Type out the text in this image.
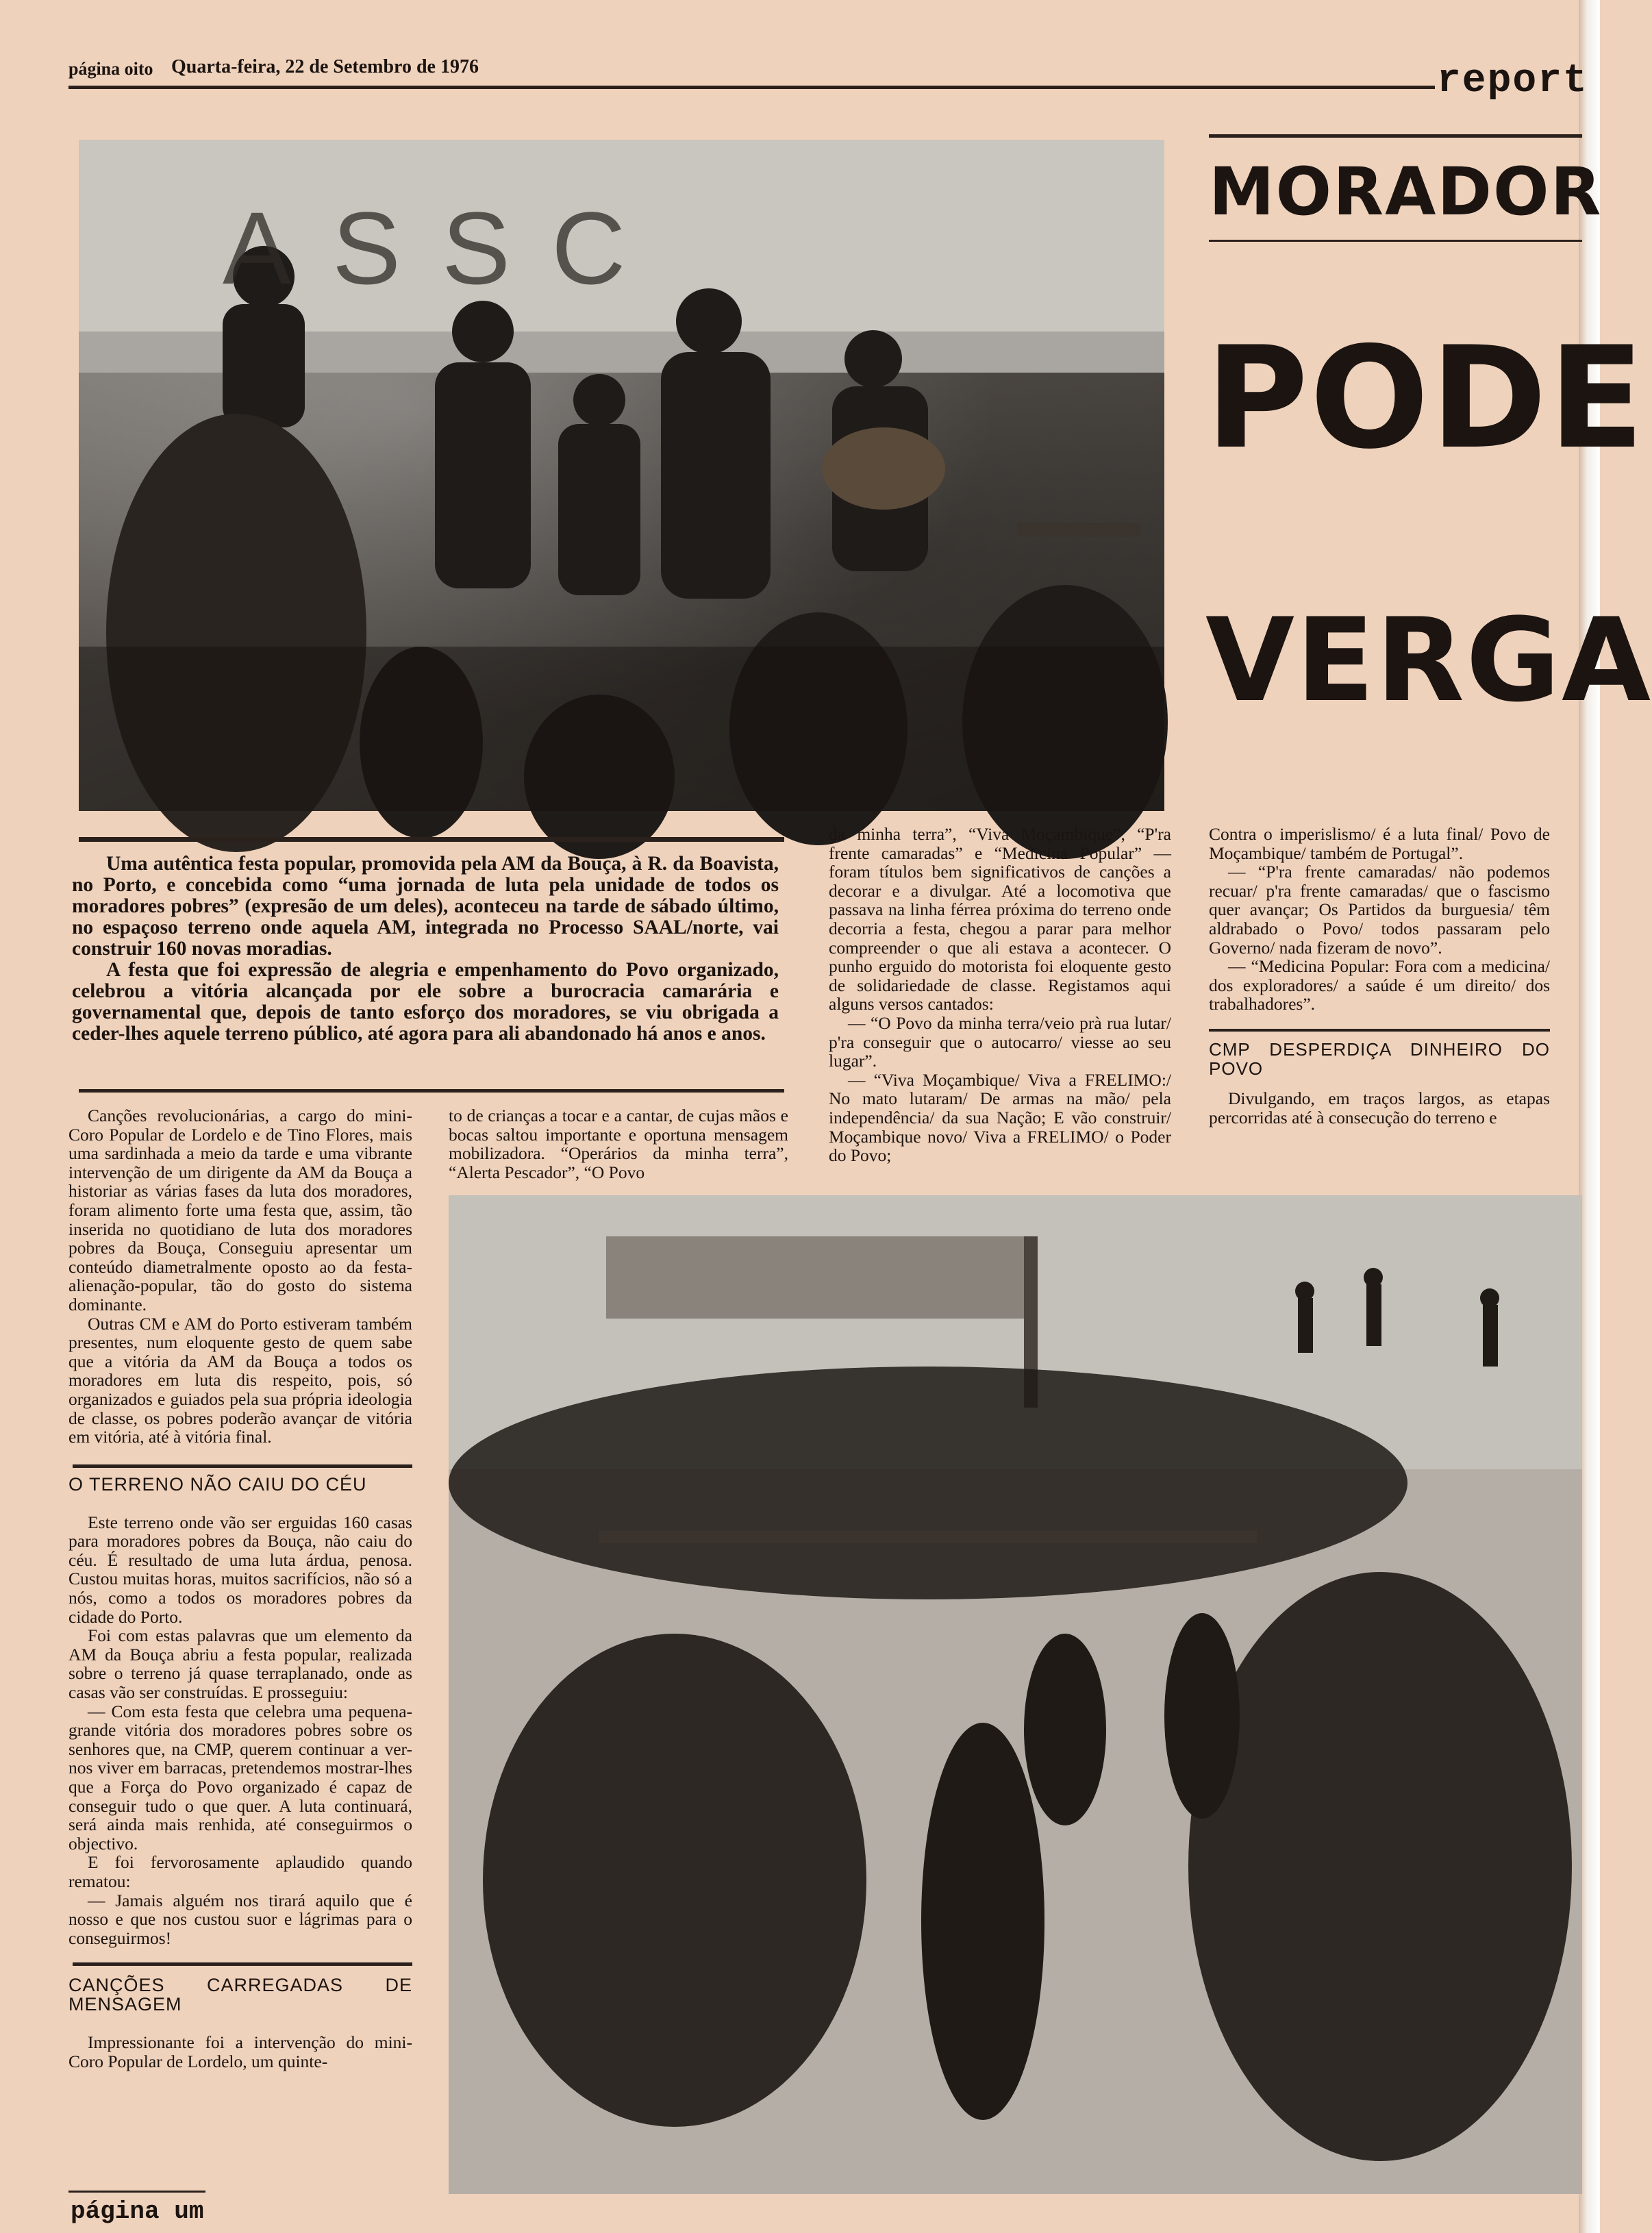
página oito Quarta-feira, 22 de Setembro de 1976	report
MORADOR
PODE
VERGA
ASSC

Uma autêntica festa popular, promovida pela AM da Bouça, à R. da Boavista, no Porto, e concebida como “uma jornada de luta pela unidade de todos os moradores pobres” (expresão de um deles), aconteceu na tarde de sábado último, no espaçoso terreno onde aquela AM, integrada no Processo SAAL/norte, vai construir 160 novas moradias.

A festa que foi expressão de alegria e empenhamento do Povo organizado, celebrou a vitória alcançada por ele sobre a burocracia camarária e governamental que, depois de tanto esforço dos moradores, se viu obrigada a ceder-lhes aquele terreno público, até agora para ali abandonado há anos e anos.

Canções revolucionárias, a cargo do mini-Coro Popular de Lordelo e de Tino Flores, mais uma sardinhada a meio da tarde e uma vibrante intervenção de um dirigente da AM da Bouça a historiar as várias fases da luta dos moradores, foram alimento forte uma festa que, assim, tão inserida no quotidiano de luta dos moradores pobres da Bouça, Conseguiu apresentar um conteúdo diametralmente oposto ao da festa-alienação-popular, tão do gosto do sistema dominante.

Outras CM e AM do Porto estiveram também presentes, num eloquente gesto de quem sabe que a vitória da AM da Bouça a todos os moradores em luta dis respeito, pois, só organizados e guiados pela sua própria ideologia de classe, os pobres poderão avançar de vitória em vitória, até à vitória final.

O TERRENO NÃO CAIU DO CÉU

Este terreno onde vão ser erguidas 160 casas para moradores pobres da Bouça, não caiu do céu. É resultado de uma luta árdua, penosa. Custou muitas horas, muitos sacrifícios, não só a nós, como a todos os moradores pobres da cidade do Porto.

Foi com estas palavras que um elemento da AM da Bouça abriu a festa popular, realizada sobre o terreno já quase terraplanado, onde as casas vão ser construídas. E prosseguiu:

— Com esta festa que celebra uma pequena-grande vitória dos moradores pobres sobre os senhores que, na CMP, querem continuar a ver-nos viver em barracas, pretendemos mostrar-lhes que a Força do Povo organizado é capaz de conseguir tudo o que quer. A luta continuará, será ainda mais renhida, até conseguirmos o objectivo.

E foi fervorosamente aplaudido quando rematou:

— Jamais alguém nos tirará aquilo que é nosso e que nos custou suor e lágrimas para o conseguirmos!

CANÇÕES CARREGADAS DE MENSAGEM

Impressionante foi a intervenção do mini-Coro Popular de Lordelo, um quinte-

to de crianças a tocar e a cantar, de cujas mãos e bocas saltou importante e oportuna mensagem mobilizadora. “Operários da minha terra”, “Alerta Pescador”, “O Povo

da minha terra”, “Viva Moçambique”, “P'ra frente camaradas” e “Medicina Popular” — foram títulos bem significativos de canções a decorar e a divulgar. Até a locomotiva que passava na linha férrea próxima do terreno onde decorria a festa, chegou a parar para melhor compreender o que ali estava a acontecer. O punho erguido do motorista foi eloquente gesto de solidariedade de classe. Registamos aqui alguns versos cantados:

— “O Povo da minha terra/veio prà rua lutar/ p'ra conseguir que o autocarro/ viesse ao seu lugar”.

— “Viva Moçambique/ Viva a FRELIMO:/ No mato lutaram/ De armas na mão/ pela independência/ da sua Nação; E vão construir/ Moçambique novo/ Viva a FRELIMO/ o Poder do Povo;

Contra o imperislismo/ é a luta final/ Povo de Moçambique/ também de Portugal”.

— “P'ra frente camaradas/ não podemos recuar/ p'ra frente camaradas/ que o fascismo quer avançar; Os Partidos da burguesia/ têm aldrabado o Povo/ todos passaram pelo Governo/ nada fizeram de novo”.

— “Medicina Popular: Fora com a medicina/ dos exploradores/ a saúde é um direito/ dos trabalhadores”.

CMP DESPERDIÇA DINHEIRO DO POVO

Divulgando, em traços largos, as etapas percorridas até à consecução do terreno e

página um
